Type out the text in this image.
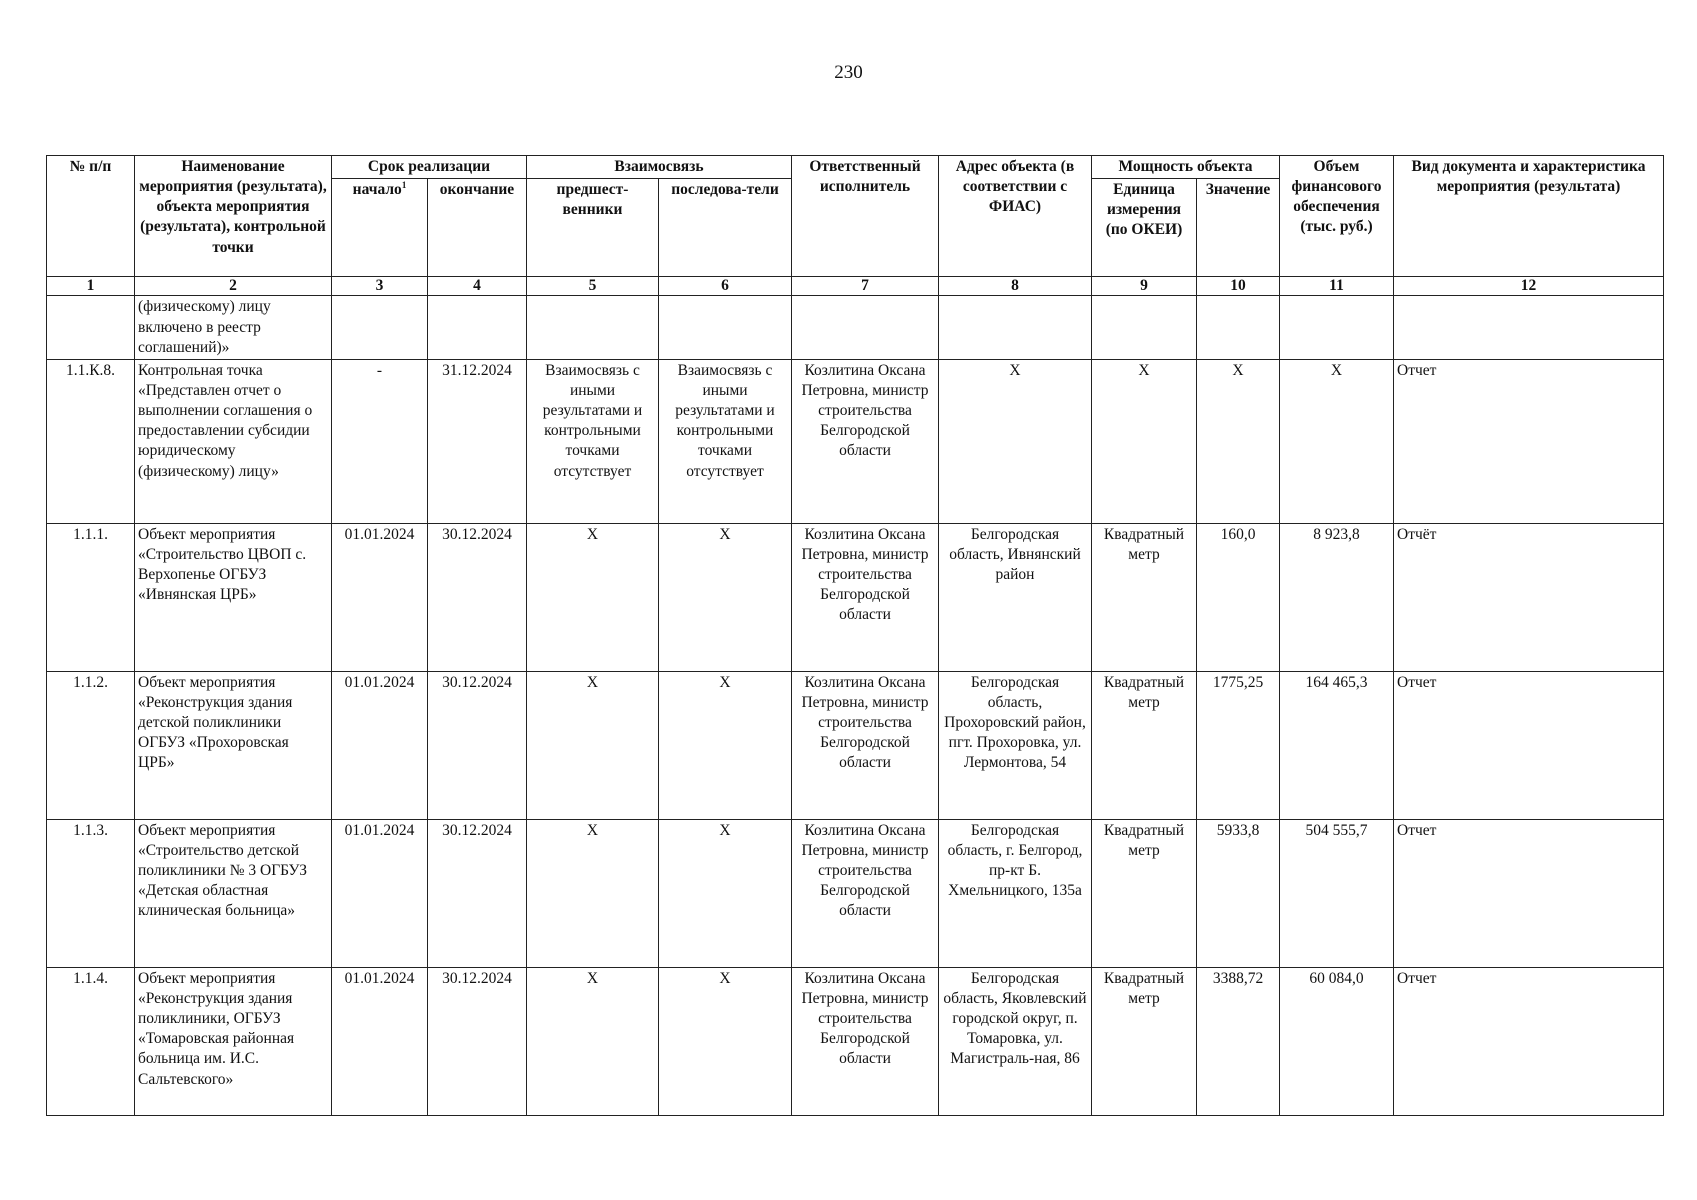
230
№ п/п	Наименование мероприятия (результата), объекта мероприятия (результата), контрольной точки	Срок реализации		Взаимосвязь		Ответственный исполнитель	Адрес объекта (в соответствии с ФИАС)	Мощность объекта		Объем финансового обеспечения (тыс. руб.)	Вид документа и характеристика мероприятия (результата)
		начало$^1$	окончание	предшест-венники	последова-тели			Единица измерения (по ОКЕИ)	Значение		
1	2	3	4	5	6	7	8	9	10	11	12
	(физическому) лицу включено в реестр соглашений)»										
1.1.К.8.	Контрольная точка «Представлен отчет о выполнении соглашения о предоставлении субсидии юридическому (физическому) лицу»	-	31.12.2024	Взаимосвязь с иными результатами и контрольными точками отсутствует	Взаимосвязь с иными результатами и контрольными точками отсутствует	Козлитина Оксана Петровна, министр строительства Белгородской области	X	X	X	X	Отчет
1.1.1.	Объект мероприятия «Строительство ЦВОП с. Верхопенье ОГБУЗ «Ивнянская ЦРБ»	01.01.2024	30.12.2024	X	X	Козлитина Оксана Петровна, министр строительства Белгородской области	Белгородская область, Ивнянский район	Квадратный метр	160,0	8 923,8	Отчёт
1.1.2.	Объект мероприятия «Реконструкция здания детской поликлиники ОГБУЗ «Прохоровская ЦРБ»	01.01.2024	30.12.2024	X	X	Козлитина Оксана Петровна, министр строительства Белгородской области	Белгородская область, Прохоровский район, пгт. Прохоровка, ул. Лермонтова, 54	Квадратный метр	1775,25	164 465,3	Отчет
1.1.3.	Объект мероприятия «Строительство детской поликлиники № 3 ОГБУЗ «Детская областная клиническая больница»	01.01.2024	30.12.2024	X	X	Козлитина Оксана Петровна, министр строительства Белгородской области	Белгородская область, г. Белгород, пр-кт Б. Хмельницкого, 135а	Квадратный метр	5933,8	504 555,7	Отчет
1.1.4.	Объект мероприятия «Реконструкция здания поликлиники, ОГБУЗ «Томаровская районная больница им. И.С. Сальтевского»	01.01.2024	30.12.2024	X	X	Козлитина Оксана Петровна, министр строительства Белгородской области	Белгородская область, Яковлевский городской округ, п. Томаровка, ул. Магистраль-ная, 86	Квадратный метр	3388,72	60 084,0	Отчет
